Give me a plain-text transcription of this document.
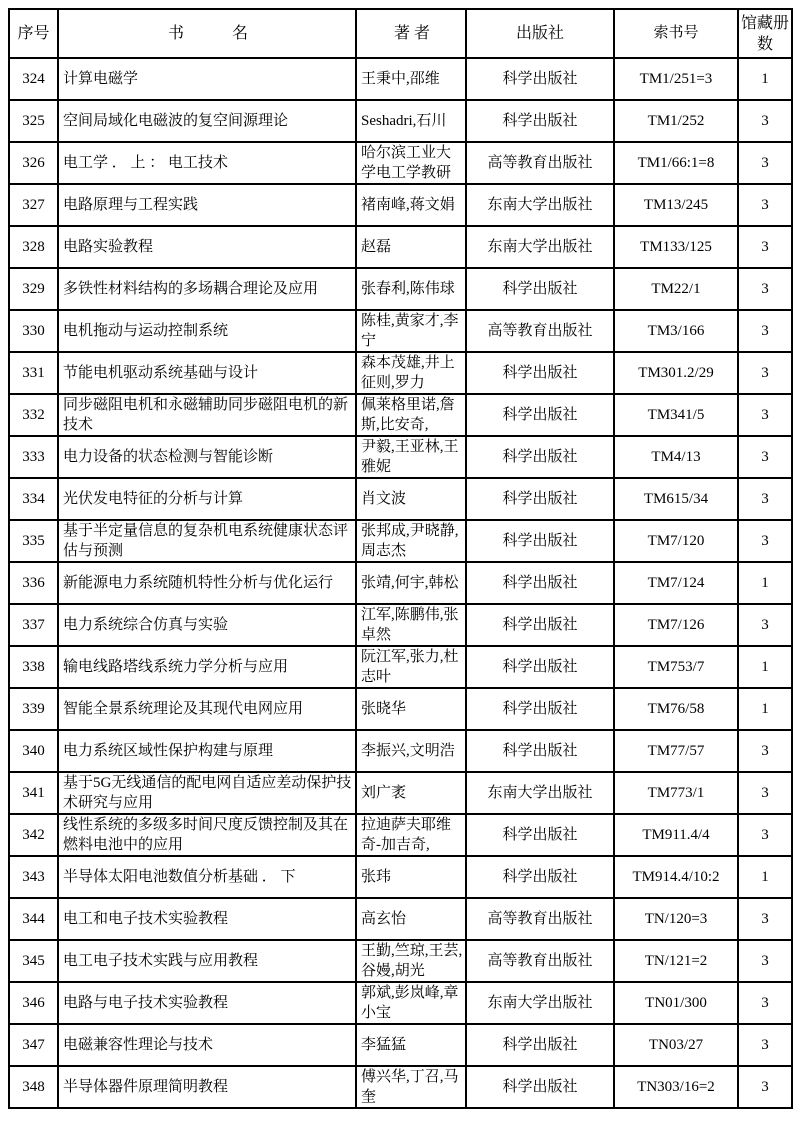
序号	书　　　名	著 者	出版社	索书号	馆藏册数
324	计算电磁学	王秉中,邵维	科学出版社	TM1/251=3	1
325	空间局域化电磁波的复空间源理论	Seshadri,石川	科学出版社	TM1/252	3
326	电工学 ． 上 ： 电工技术	哈尔滨工业大学电工学教研	高等教育出版社	TM1/66:1=8	3
327	电路原理与工程实践	褚南峰,蒋文娟	东南大学出版社	TM13/245	3
328	电路实验教程	赵磊	东南大学出版社	TM133/125	3
329	多铁性材料结构的多场耦合理论及应用	张春利,陈伟球	科学出版社	TM22/1	3
330	电机拖动与运动控制系统	陈桂,黄家才,李宁	高等教育出版社	TM3/166	3
331	节能电机驱动系统基础与设计	森本茂雄,井上征则,罗力	科学出版社	TM301.2/29	3
332	同步磁阻电机和永磁辅助同步磁阻电机的新技术	佩莱格里诺,詹斯,比安奇,	科学出版社	TM341/5	3
333	电力设备的状态检测与智能诊断	尹毅,王亚林,王雅妮	科学出版社	TM4/13	3
334	光伏发电特征的分析与计算	肖文波	科学出版社	TM615/34	3
335	基于半定量信息的复杂机电系统健康状态评估与预测	张邦成,尹晓静,周志杰	科学出版社	TM7/120	3
336	新能源电力系统随机特性分析与优化运行	张靖,何宇,韩松	科学出版社	TM7/124	1
337	电力系统综合仿真与实验	江军,陈鹏伟,张卓然	科学出版社	TM7/126	3
338	输电线路塔线系统力学分析与应用	阮江军,张力,杜志叶	科学出版社	TM753/7	1
339	智能全景系统理论及其现代电网应用	张晓华	科学出版社	TM76/58	1
340	电力系统区域性保护构建与原理	李振兴,文明浩	科学出版社	TM77/57	3
341	基于5G无线通信的配电网自适应差动保护技术研究与应用	刘广袤	东南大学出版社	TM773/1	3
342	线性系统的多级多时间尺度反馈控制及其在燃料电池中的应用	拉迪萨夫耶维奇-加吉奇,	科学出版社	TM911.4/4	3
343	半导体太阳电池数值分析基础 ． 下	张玮	科学出版社	TM914.4/10:2	1
344	电工和电子技术实验教程	高玄怡	高等教育出版社	TN/120=3	3
345	电工电子技术实践与应用教程	王勤,竺琼,王芸,谷嫚,胡光	高等教育出版社	TN/121=2	3
346	电路与电子技术实验教程	郭斌,彭岚峰,章小宝	东南大学出版社	TN01/300	3
347	电磁兼容性理论与技术	李猛猛	科学出版社	TN03/27	3
348	半导体器件原理简明教程	傅兴华,丁召,马奎	科学出版社	TN303/16=2	3
